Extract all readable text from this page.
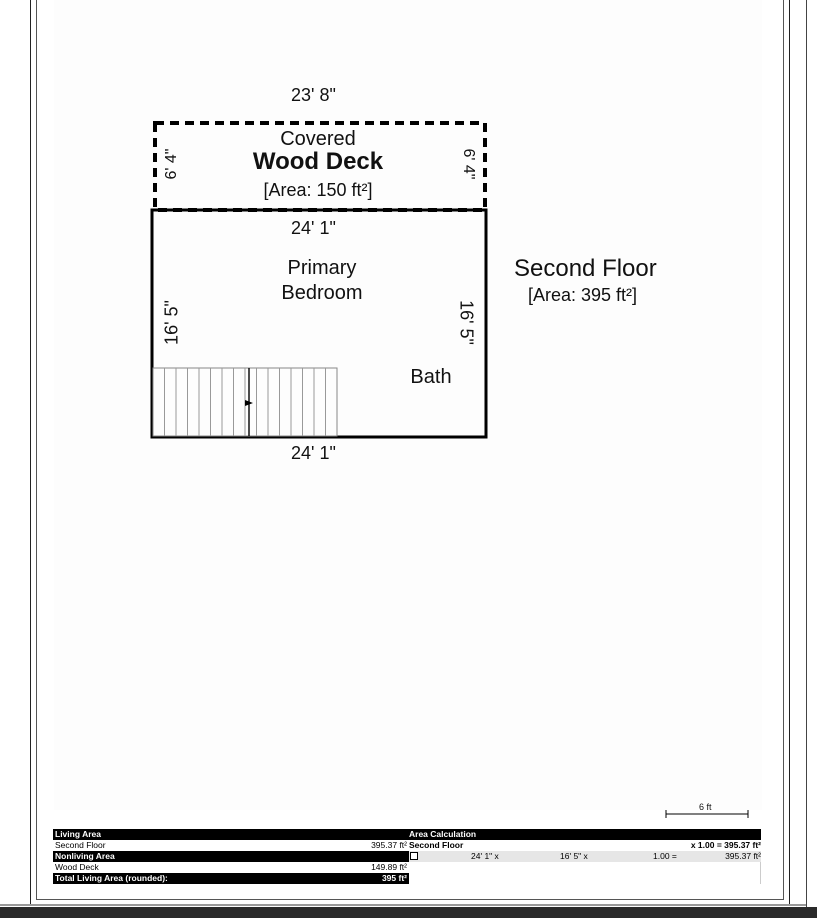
23' 8"
6' 4"	6' 4"
Covered
Wood Deck
[Area: 150 ft²]
24' 1"
24' 1"
16' 5"	16' 5"
Primary
Bedroom
Bath
Second Floor
[Area: 395 ft²]
6 ft
Living Area
Second Floor	395.37 ft²
Nonliving Area
Wood Deck	149.89 ft²
Total Living Area (rounded):	395 ft²
Area Calculation
Second Floor	x 1.00 = 395.37 ft²
24' 1" x	16' 5" x	1.00 =	395.37 ft²
